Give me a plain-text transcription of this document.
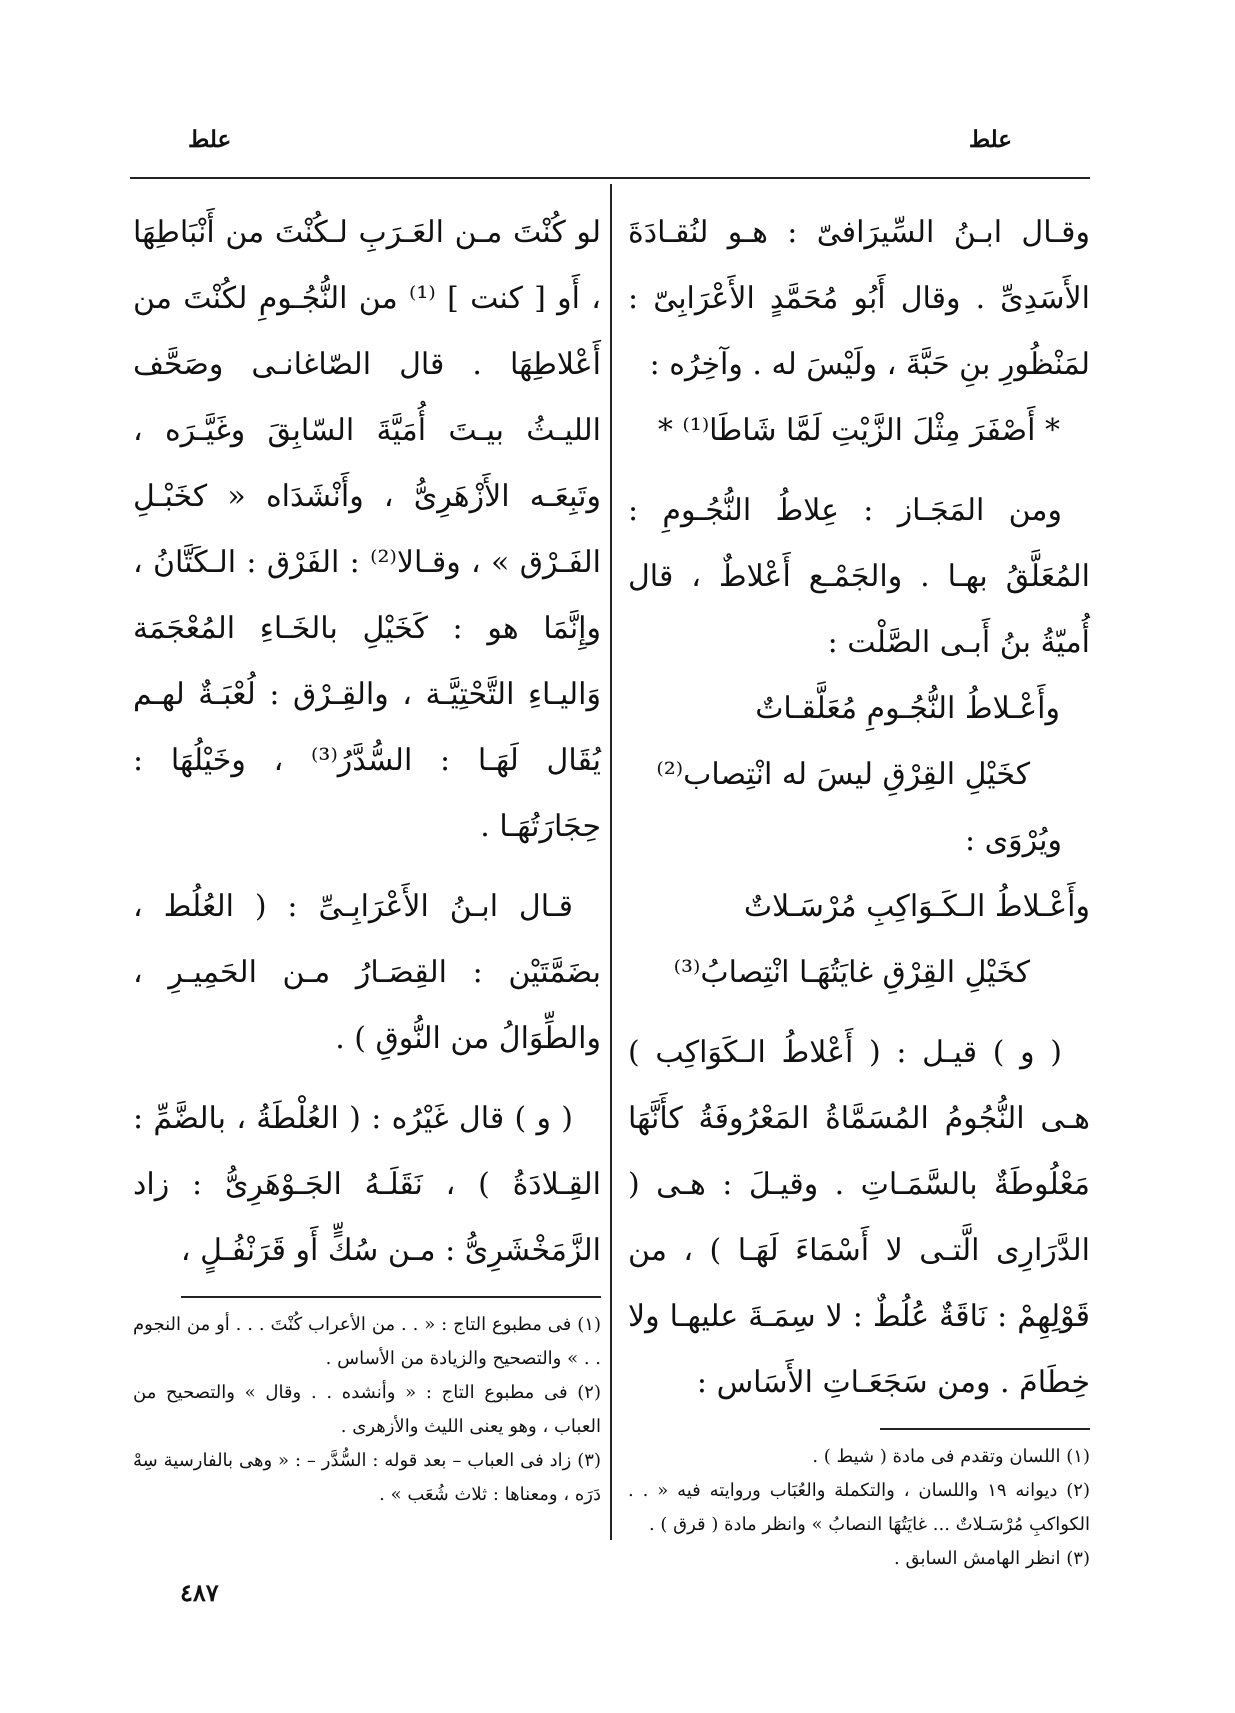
علط
علط

وقـال ابـنُ السِّيرَافىّ : هـو لنُقـادَةَ الأَسَدِىِّ . وقال أَبُو مُحَمَّدٍ الأَعْرَابِىّ : لمَنْظُورِ بنِ حَبَّةَ ، ولَيْسَ له . وآخِرُه :

* أَصْفَرَ مِثْلَ الزَّيْتِ لَمَّا شَاطَا⁽¹⁾ *

ومن المَجَـاز : عِلاطُ النُّجُـومِ : المُعَلَّقُ بهـا . والجَمْـع أَعْلاطٌ ، قال أُميّةُ بنُ أَبـى الصَّلْت :

وأَعْـلاطُ النُّجُـومِ مُعَلَّقـاتٌ

كخَيْلِ القِرْقِ ليسَ له انْتِصاب⁽²⁾

ويُرْوَى :

وأَعْـلاطُ الـكَـوَاكِبِ مُرْسَـلاتٌ

كخَيْلِ القِرْقِ غايَتُهَـا انْتِصابُ⁽³⁾

( و ) قيـل : ( أَعْلاطُ الـكَوَاكِب ) هـى النُّجُومُ المُسَمَّاةُ المَعْرُوفَةُ كأَنَّهَا مَعْلُوطَةٌ بالسَّمَـاتِ . وقيـلَ : هـى ( الدَّرَارِى الَّتـى لا أَسْمَاءَ لَهَـا ) ، من قَوْلِهِمْ : نَاقَةٌ عُلُطٌ : لا سِمَـةَ عليهـا ولا خِطَامَ . ومن سَجَعَـاتِ الأَسَاس :

(١) اللسان وتقدم فى مادة ( شيط ) .

(٢) ديوانه ١٩ واللسان ، والتكملة والعُبَاب وروايته فيه « . . الكواكبِ مُرْسَـلاتٌ ... غايَتُهَا النصابُ » وانظر مادة ( قرق ) .

(٣) انظر الهامش السابق .

لو كُنْتَ مـن العَـرَبِ لـكُنْتَ من أَنْبَاطِهَا ، أَو [ كنت ] ⁽¹⁾ من النُّجُـومِ لكُنْتَ من أَعْلاطِهَا . قال الصّاغانـى وصَحَّف الليـثُ بيـتَ أُمَيَّةَ السّابِقَ وغَيَّـرَه ، وتَبِعَـه الأَزْهَرِىُّ ، وأَنْشَدَاه « كخَبْـلِ الفَـرْق » ، وقـالا⁽²⁾ : الفَرْق : الـكَتَّانُ ، وإِنَّمَا هو : كَخَيْلِ بالخَـاءِ المُعْجَمَة وَاليـاءِ التَّحْتِيَّـة ، والقِـرْق : لُعْبَـةٌ لهـم يُقَال لَهَـا : السُّدَّرُ⁽³⁾ ، وخَيْلُهَا : حِجَارَتُهَـا .

قـال ابـنُ الأَعْرَابِـىِّ : ( العُلُط ، بضَمَّتَيْن : القِصَـارُ مـن الحَمِيـرِ ، والطِّوَالُ من النُّوقِ ) .

( و ) قال غَيْرُه : ( العُلْطَةُ ، بالضَّمِّ : القِـلادَةُ ) ، نَقَلَـهُ الجَـوْهَرِىُّ : زاد الزَّمَخْشَرِىُّ : مـن سُكٍّ أَو قَرَنْفُـلٍ ،

(١) فى مطبوع التاج : « . . من الأعراب كُنْتَ . . . أو من النجوم . . » والتصحيح والزيادة من الأساس .

(٢) فى مطبوع التاج : « وأنشده . . وقال » والتصحيح من العباب ، وهو يعنى الليث والأزهرى .

(٣) زاد فى العباب – بعد قوله : السُّدَّر – : « وهى بالفارسية سِهْ دَرَه ، ومعناها : ثلاث شُعَب » .

٤٨٧
